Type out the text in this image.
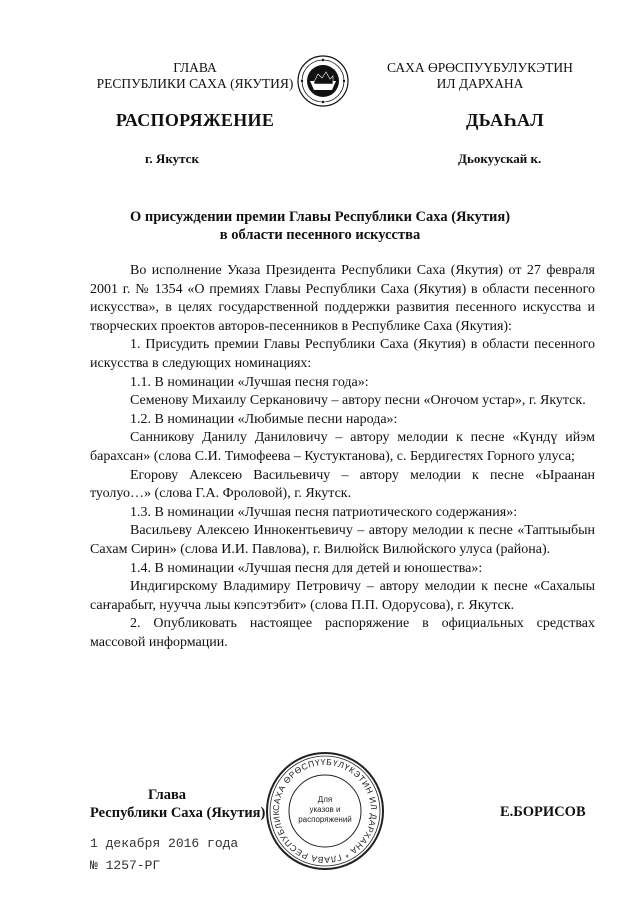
ГЛАВА
РЕСПУБЛИКИ САХА (ЯКУТИЯ)
САХА ӨРӨСПУҮБУЛУКЭТИН
ИЛ ДАРХАНА
РАСПОРЯЖЕНИЕ	ДЬАҺАЛ
г. Якутск	Дьокуускай к.
О присуждении премии Главы Республики Саха (Якутия)
в области песенного искусства

Во исполнение Указа Президента Республики Саха (Якутия) от 27 февраля 2001 г. № 1354 «О премиях Главы Республики Саха (Якутия) в области песенного искусства», в целях государственной поддержки развития песенного искусства и творческих проектов авторов-песенников в Республике Саха (Якутия):

1. Присудить премии Главы Республики Саха (Якутия) в области песенного искусства в следующих номинациях:

1.1. В номинации «Лучшая песня года»:

Семенову Михаилу Серкановичу – автору песни «Оҥочом устар», г. Якутск.

1.2. В номинации «Любимые песни народа»:

Санникову Данилу Даниловичу – автору мелодии к песне «Күндү ийэм барахсан» (слова С.И. Тимофеева – Кустуктанова), с. Бердигестях Горного улуса;

Егорову Алексею Васильевичу – автору мелодии к песне «Ыраанан туолуо…» (слова Г.А. Фроловой), г. Якутск.

1.3. В номинации «Лучшая песня патриотического содержания»:

Васильеву Алексею Иннокентьевичу – автору мелодии к песне «Таптыыбын Сахам Сирин» (слова И.И. Павлова), г. Вилюйск Вилюйского улуса (района).

1.4. В номинации «Лучшая песня для детей и юношества»:

Индигирскому Владимиру Петровичу – автору мелодии к песне «Сахалыы саҥарабыт, нуучча лыы кэпсэтэбит» (слова П.П. Одорусова), г. Якутск.

2. Опубликовать настоящее распоряжение в официальных средствах массовой информации.

Глава
Республики Саха (Якутия)	Е.БОРИСОВ
САХА ӨРӨСПҮҮБҮЛҮКЭТИН ИЛ ДАРХАНА * ГЛАВА РЕСПУБЛИК
Для
указов и
распоряжений
1 декабря 2016 года
№ 1257-РГ
